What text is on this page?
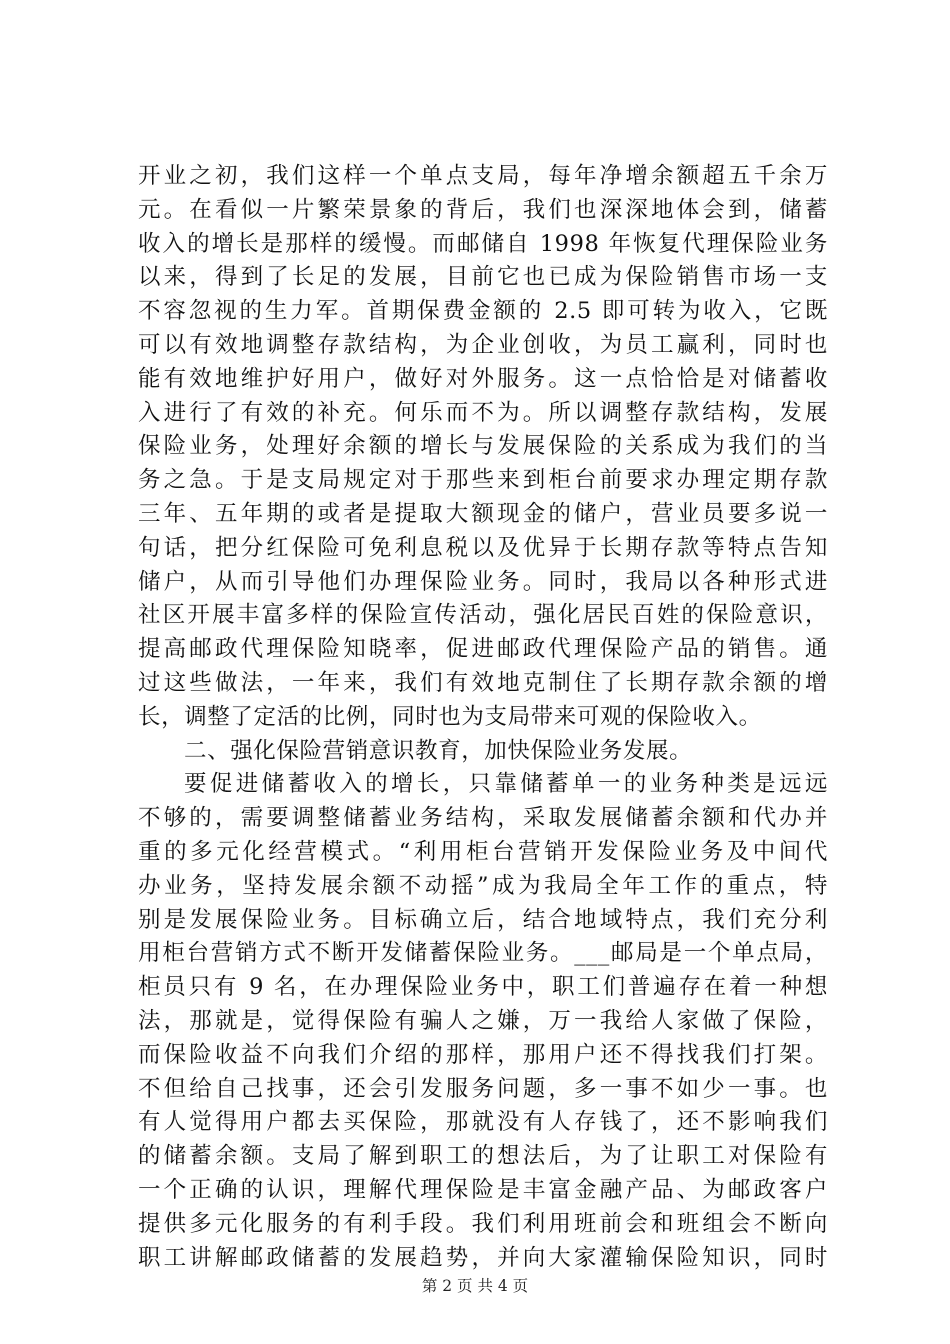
开业之初，我们这样一个单点支局，每年净增余额超五千余万
元。在看似一片繁荣景象的背后，我们也深深地体会到，储蓄
收入的增长是那样的缓慢。而邮储自 1998 年恢复代理保险业务
以来，得到了长足的发展，目前它也已成为保险销售市场一支
不容忽视的生力军。首期保费金额的 2.5 即可转为收入，它既
可以有效地调整存款结构，为企业创收，为员工赢利，同时也
能有效地维护好用户，做好对外服务。这一点恰恰是对储蓄收
入进行了有效的补充。何乐而不为。所以调整存款结构，发展
保险业务，处理好余额的增长与发展保险的关系成为我们的当
务之急。于是支局规定对于那些来到柜台前要求办理定期存款
三年、五年期的或者是提取大额现金的储户，营业员要多说一
句话，把分红保险可免利息税以及优异于长期存款等特点告知
储户，从而引导他们办理保险业务。同时，我局以各种形式进
社区开展丰富多样的保险宣传活动，强化居民百姓的保险意识，
提高邮政代理保险知晓率，促进邮政代理保险产品的销售。通
过这些做法，一年来，我们有效地克制住了长期存款余额的增
长，调整了定活的比例，同时也为支局带来可观的保险收入。
二、强化保险营销意识教育，加快保险业务发展。
要促进储蓄收入的增长，只靠储蓄单一的业务种类是远远
不够的，需要调整储蓄业务结构，采取发展储蓄余额和代办并
重的多元化经营模式。“利用柜台营销开发保险业务及中间代
办业务，坚持发展余额不动摇”成为我局全年工作的重点，特
别是发展保险业务。目标确立后，结合地域特点，我们充分利
用柜台营销方式不断开发储蓄保险业务。___邮局是一个单点局，
柜员只有 9 名，在办理保险业务中，职工们普遍存在着一种想
法，那就是，觉得保险有骗人之嫌，万一我给人家做了保险，
而保险收益不向我们介绍的那样，那用户还不得找我们打架。
不但给自己找事，还会引发服务问题，多一事不如少一事。也
有人觉得用户都去买保险，那就没有人存钱了，还不影响我们
的储蓄余额。支局了解到职工的想法后，为了让职工对保险有
一个正确的认识，理解代理保险是丰富金融产品、为邮政客户
提供多元化服务的有利手段。我们利用班前会和班组会不断向
职工讲解邮政储蓄的发展趋势，并向大家灌输保险知识，同时
第 2 页 共 4 页
